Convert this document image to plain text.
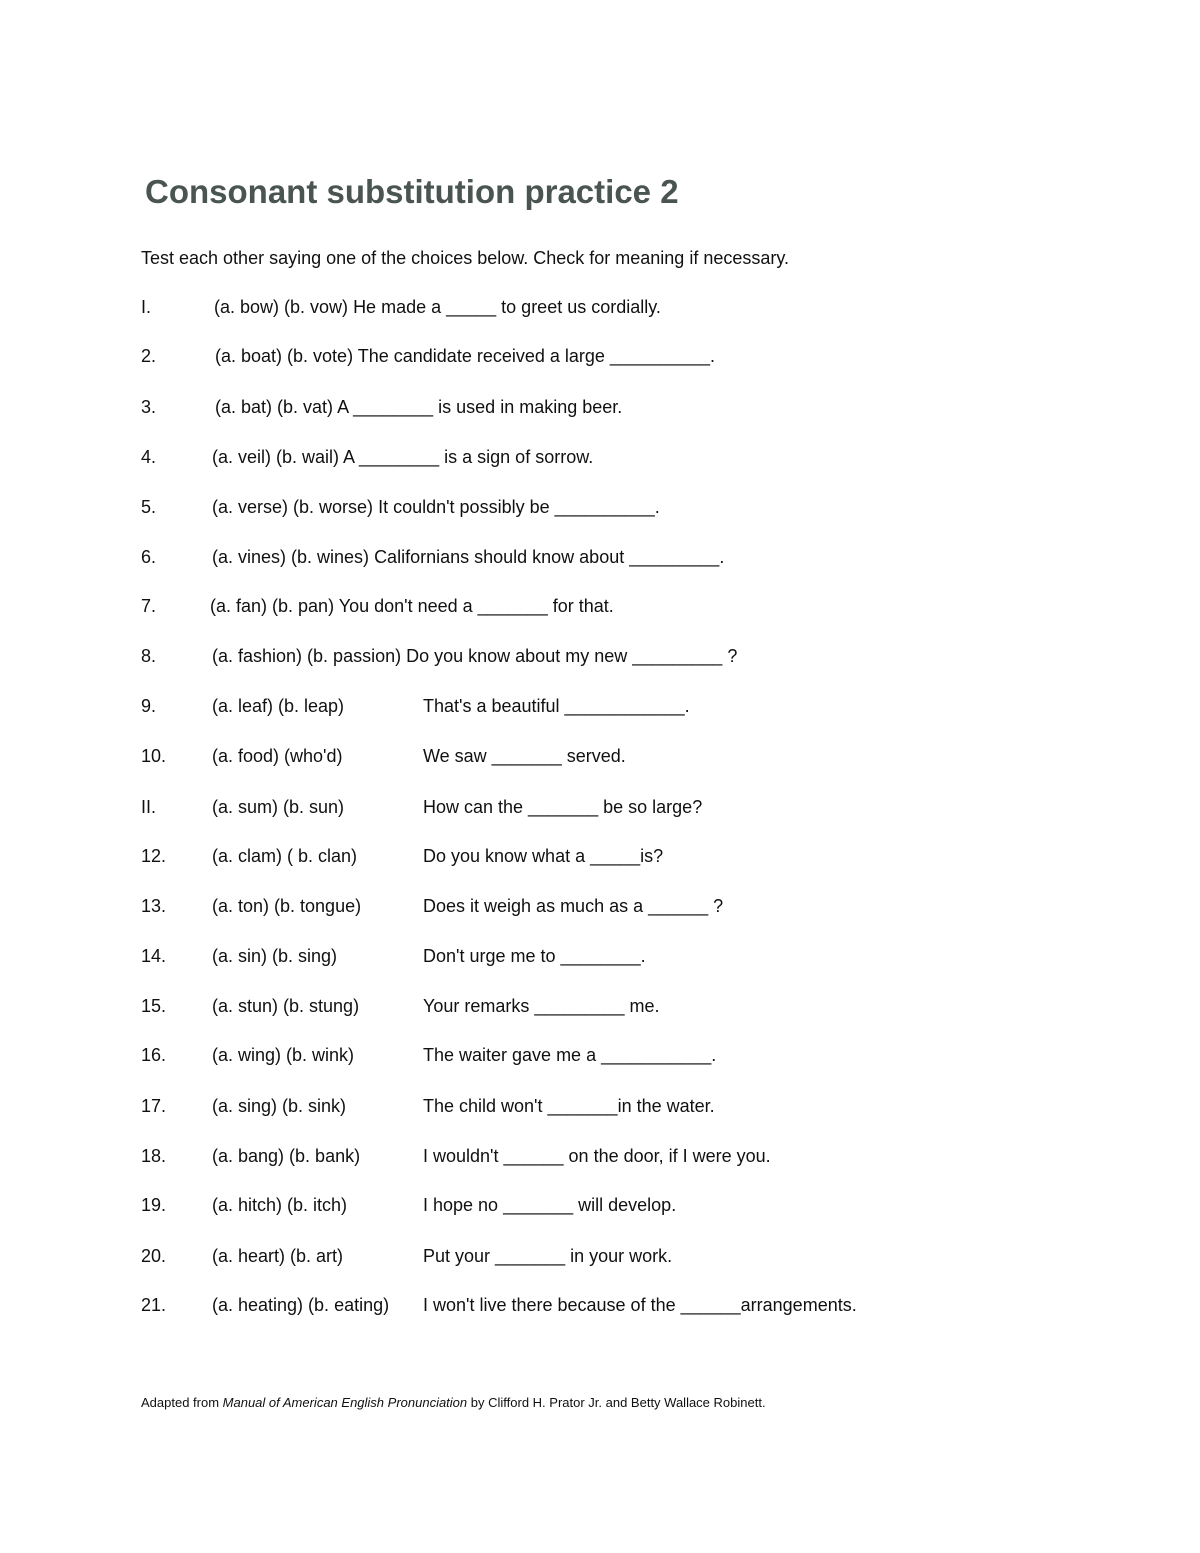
Consonant substitution practice 2
Test each other saying one of the choices below. Check for meaning if necessary.
I.	(a. bow) (b. vow) He made a _____ to greet us cordially.
2.	(a. boat) (b. vote) The candidate received a large __________.
3.	(a. bat) (b. vat) A ________ is used in making beer.
4.	(a. veil) (b. wail) A ________ is a sign of sorrow.
5.	(a. verse) (b. worse) It couldn't possibly be __________.
6.	(a. vines) (b. wines) Californians should know about _________.
7.	(a. fan) (b. pan) You don't need a _______ for that.
8.	(a. fashion) (b. passion) Do you know about my new _________ ?
9.	(a. leaf) (b. leap)	That's a beautiful ____________.
10.	(a. food) (who'd)	We saw _______ served.
II.	(a. sum) (b. sun)	How can the _______ be so large?
12.	(a. clam) ( b. clan)	Do you know what a _____is?
13.	(a. ton) (b. tongue)	Does it weigh as much as a ______ ?
14.	(a. sin) (b. sing)	Don't urge me to ________.
15.	(a. stun) (b. stung)	Your remarks _________ me.
16.	(a. wing) (b. wink)	The waiter gave me a ___________.
17.	(a. sing) (b. sink)	The child won't _______in the water.
18.	(a. bang) (b. bank)	I wouldn't ______ on the door, if I were you.
19.	(a. hitch) (b. itch)	I hope no _______ will develop.
20.	(a. heart) (b. art)	Put your _______ in your work.
21.	(a. heating) (b. eating) I won't live there because of the ______arrangements.
Adapted from Manual of American English Pronunciation by Clifford H. Prator Jr. and Betty Wallace Robinett.
